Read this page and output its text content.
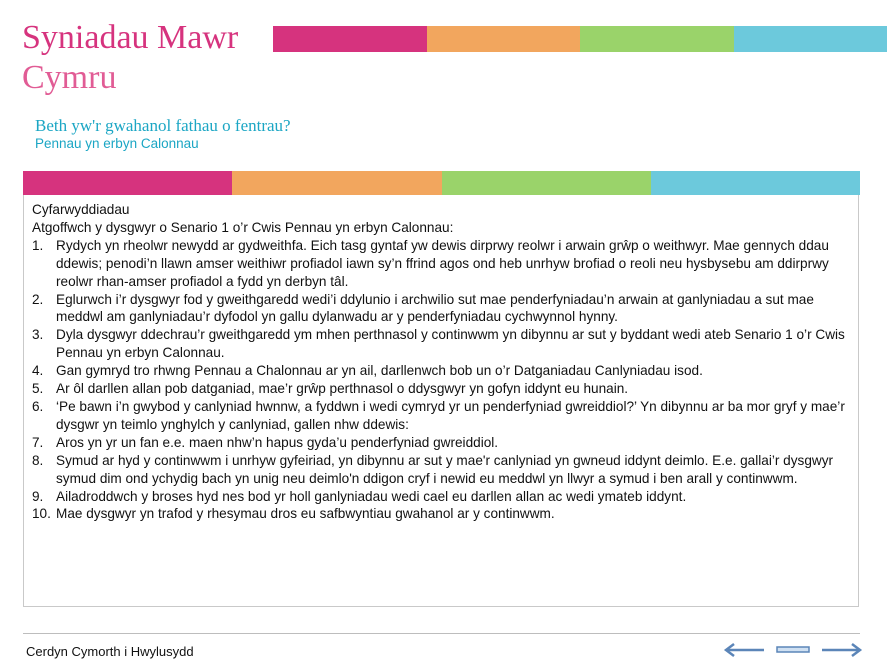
Syniadau Mawr
Cymru
Beth yw'r gwahanol fathau o fentrau?
Pennau yn erbyn Calonnau

Cyfarwyddiadau

Atgoffwch y dysgwyr o Senario 1 o’r Cwis Pennau yn erbyn Calonnau:

1. Rydych yn rheolwr newydd ar gydweithfa. Eich tasg gyntaf yw dewis dirprwy reolwr i arwain grŵp o weithwyr. Mae gennych ddau ddewis; penodi’n llawn amser weithiwr profiadol iawn sy’n ffrind agos ond heb unrhyw brofiad o reoli neu hysbysebu am ddirprwy reolwr rhan-amser profiadol a fydd yn derbyn tâl.
2. Eglurwch i’r dysgwyr fod y gweithgaredd wedi’i ddylunio i archwilio sut mae penderfyniadau’n arwain at ganlyniadau a sut mae meddwl am ganlyniadau’r dyfodol yn gallu dylanwadu ar y penderfyniadau cychwynnol hynny.
3. Dyla dysgwyr ddechrau’r gweithgaredd ym mhen perthnasol y continwwm yn dibynnu ar sut y byddant wedi ateb Senario 1 o’r Cwis Pennau yn erbyn Calonnau.
4. Gan gymryd tro rhwng Pennau a Chalonnau ar yn ail, darllenwch bob un o’r Datganiadau Canlyniadau isod.
5. Ar ôl darllen allan pob datganiad, mae’r grŵp perthnasol o ddysgwyr yn gofyn iddynt eu hunain.
6. ‘Pe bawn i’n gwybod y canlyniad hwnnw, a fyddwn i wedi cymryd yr un penderfyniad gwreiddiol?’ Yn dibynnu ar ba mor gryf y mae’r dysgwr yn teimlo ynghylch y canlyniad, gallen nhw ddewis:
7. Aros yn yr un fan e.e. maen nhw’n hapus gyda’u penderfyniad gwreiddiol.
8. Symud ar hyd y continwwm i unrhyw gyfeiriad, yn dibynnu ar sut y mae'r canlyniad yn gwneud iddynt deimlo. E.e. gallai’r dysgwyr symud dim ond ychydig bach yn unig neu deimlo'n ddigon cryf i newid eu meddwl yn llwyr a symud i ben arall y continwwm.
9. Ailadroddwch y broses hyd nes bod yr holl ganlyniadau wedi cael eu darllen allan ac wedi ymateb iddynt.
10. Mae dysgwyr yn trafod y rhesymau dros eu safbwyntiau gwahanol ar y continwwm.
Cerdyn Cymorth i Hwylusydd
